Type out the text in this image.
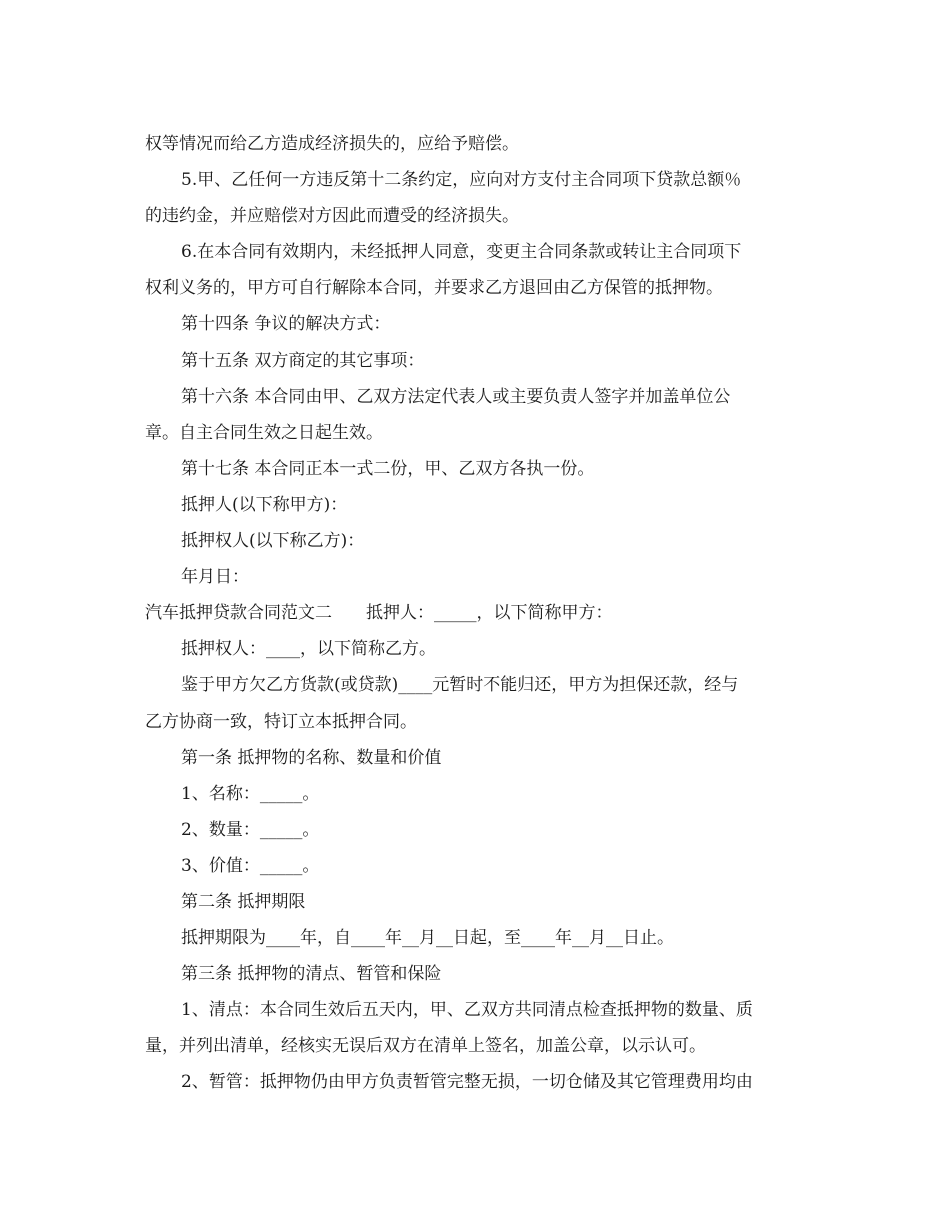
权等情况而给乙方造成经济损失的，应给予赔偿。
5.甲、乙任何一方违反第十二条约定，应向对方支付主合同项下贷款总额％
的违约金，并应赔偿对方因此而遭受的经济损失。
6.在本合同有效期内，未经抵押人同意，变更主合同条款或转让主合同项下
权利义务的，甲方可自行解除本合同，并要求乙方退回由乙方保管的抵押物。
第十四条 争议的解决方式：
第十五条 双方商定的其它事项：
第十六条 本合同由甲、乙双方法定代表人或主要负责人签字并加盖单位公
章。自主合同生效之日起生效。
第十七条 本合同正本一式二份，甲、乙双方各执一份。
抵押人(以下称甲方)：
抵押权人(以下称乙方)：
年月日：
汽车抵押贷款合同范文二　　抵押人：_____，以下简称甲方：
抵押权人：____，以下简称乙方。
鉴于甲方欠乙方货款(或贷款)____元暂时不能归还，甲方为担保还款，经与
乙方协商一致，特订立本抵押合同。
第一条 抵押物的名称、数量和价值
1、名称：_____。
2、数量：_____。
3、价值：_____。
第二条 抵押期限
抵押期限为____年，自____年__月__日起，至____年__月__日止。
第三条 抵押物的清点、暂管和保险
1、清点：本合同生效后五天内，甲、乙双方共同清点检查抵押物的数量、质
量，并列出清单，经核实无误后双方在清单上签名，加盖公章，以示认可。
2、暂管：抵押物仍由甲方负责暂管完整无损，一切仓储及其它管理费用均由
